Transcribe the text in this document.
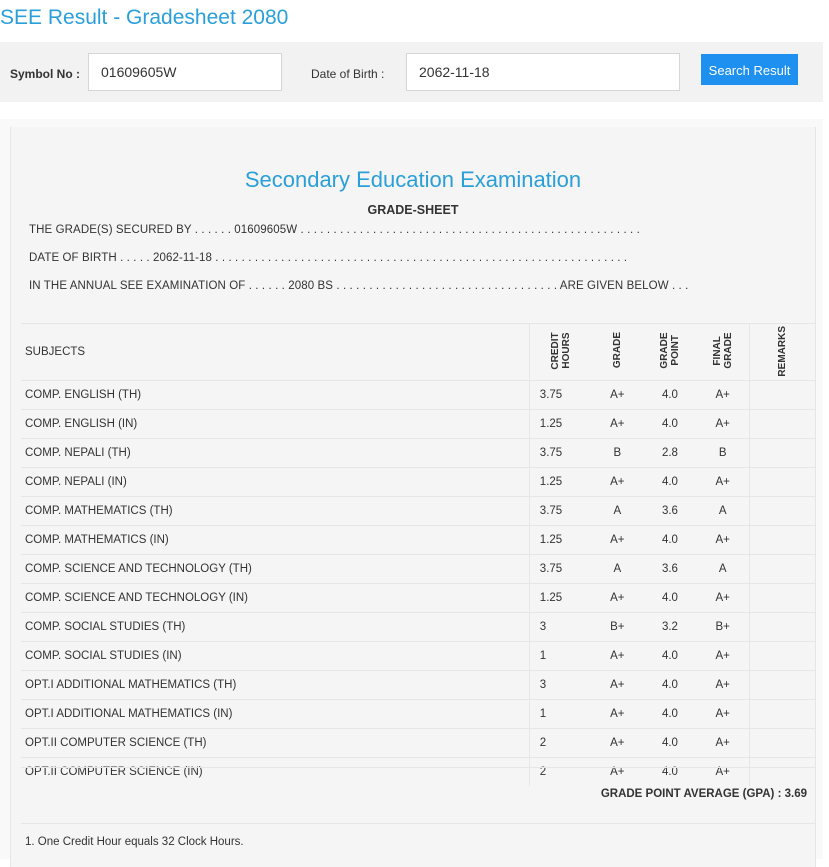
SEE Result - Gradesheet 2080
Symbol No :
01609605W	Date of Birth :
2062-11-18	Search Result
Secondary Education Examination
GRADE-SHEET
THE GRADE(S) SECURED BY . . . . . . 01609605W . . . . . . . . . . . . . . . . . . . . . . . . . . . . . . . . . . . . . . . . . . . . . . . . . . . .
DATE OF BIRTH . . . . . 2062-11-18 . . . . . . . . . . . . . . . . . . . . . . . . . . . . . . . . . . . . . . . . . . . . . . . . . . . . . . . . . . . . . . .
IN THE ANNUAL SEE EXAMINATION OF . . . . . . 2080 BS . . . . . . . . . . . . . . . . . . . . . . . . . . . . . . . . . . ARE GIVEN BELOW . . .
SUBJECTS	CREDIT HOURS	GRADE	GRADE POINT	FINAL GRADE	REMARKS
COMP. ENGLISH (TH)	3.75	A+	4.0	A+	
COMP. ENGLISH (IN)	1.25	A+	4.0	A+	
COMP. NEPALI (TH)	3.75	B	2.8	B	
COMP. NEPALI (IN)	1.25	A+	4.0	A+	
COMP. MATHEMATICS (TH)	3.75	A	3.6	A	
COMP. MATHEMATICS (IN)	1.25	A+	4.0	A+	
COMP. SCIENCE AND TECHNOLOGY (TH)	3.75	A	3.6	A	
COMP. SCIENCE AND TECHNOLOGY (IN)	1.25	A+	4.0	A+	
COMP. SOCIAL STUDIES (TH)	3	B+	3.2	B+	
COMP. SOCIAL STUDIES (IN)	1	A+	4.0	A+	
OPT.I ADDITIONAL MATHEMATICS (TH)	3	A+	4.0	A+	
OPT.I ADDITIONAL MATHEMATICS (IN)	1	A+	4.0	A+	
OPT.II COMPUTER SCIENCE (TH)	2	A+	4.0	A+	
OPT.II COMPUTER SCIENCE (IN)	2	A+	4.0	A+	
GRADE POINT AVERAGE (GPA) : 3.69
1. One Credit Hour equals 32 Clock Hours.
